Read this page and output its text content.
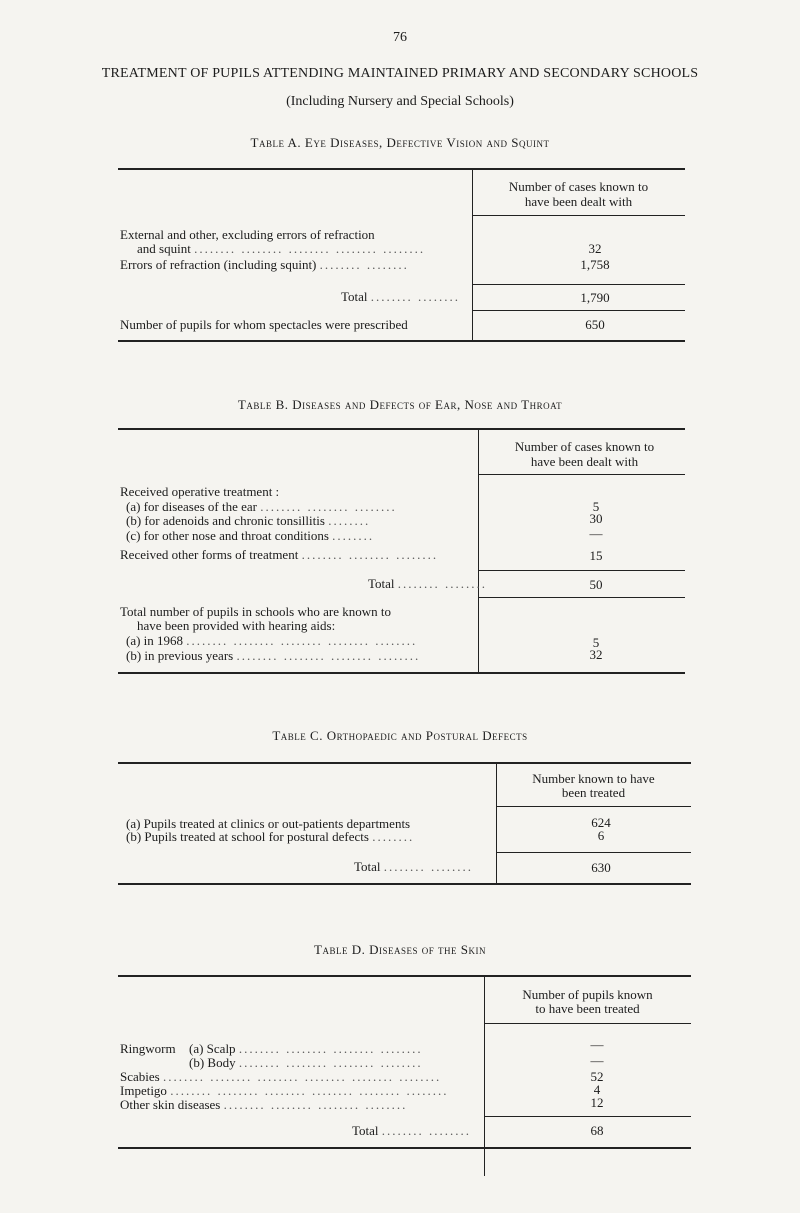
76
TREATMENT OF PUPILS ATTENDING MAINTAINED PRIMARY AND SECONDARY SCHOOLS
(Including Nursery and Special Schools)
Table A. Eye Diseases, Defective Vision and Squint
Number of cases known to
have been dealt with
External and other, excluding errors of refraction
and squint ........ ........ ........ ........ ........	32
Errors of refraction (including squint) ........ ........	1,758
Total ........ ........	1,790
Number of pupils for whom spectacles were prescribed	650
Table B. Diseases and Defects of Ear, Nose and Throat
Number of cases known to
have been dealt with
Received operative treatment :
(a) for diseases of the ear ........ ........ ........	5
(b) for adenoids and chronic tonsillitis ........	30
(c) for other nose and throat conditions ........	—
Received other forms of treatment ........ ........ ........	15
Total ........ ........	50
Total number of pupils in schools who are known to
have been provided with hearing aids:
(a) in 1968 ........ ........ ........ ........ ........	5
(b) in previous years ........ ........ ........ ........	32
Table C. Orthopaedic and Postural Defects
Number known to have
been treated
(a) Pupils treated at clinics or out-patients departments	624
(b) Pupils treated at school for postural defects ........	6
Total ........ ........	630
Table D. Diseases of the Skin
Number of pupils known
to have been treated
Ringworm (a) Scalp ........ ........ ........ ........	—
(b) Body ........ ........ ........ ........	—
Scabies ........ ........ ........ ........ ........ ........	52
Impetigo ........ ........ ........ ........ ........ ........	4
Other skin diseases ........ ........ ........ ........	12
Total ........ ........	68
